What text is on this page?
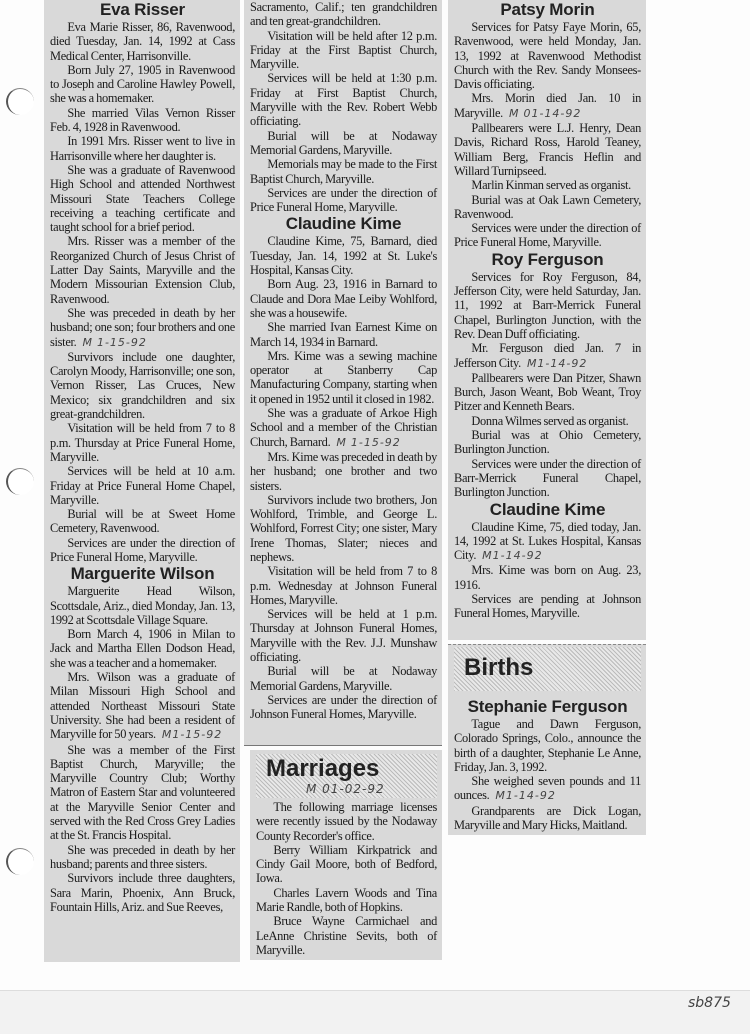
Eva Risser

Eva Marie Risser, 86, Ravenwood, died Tuesday, Jan. 14, 1992 at Cass Medical Center, Harrisonville.

Born July 27, 1905 in Ravenwood to Joseph and Caroline Hawley Powell, she was a homemaker.

She married Vilas Vernon Risser Feb. 4, 1928 in Ravenwood.

In 1991 Mrs. Risser went to live in Harrisonville where her daughter is.

She was a graduate of Ravenwood High School and attended Northwest Missouri State Teachers College receiving a teaching certificate and taught school for a brief period.

Mrs. Risser was a member of the Reorganized Church of Jesus Christ of Latter Day Saints, Maryville and the Modern Missourian Extension Club, Ravenwood.

She was preceded in death by her husband; one son; four brothers and one sister. M 1-15-92

Survivors include one daughter, Carolyn Moody, Harrisonville; one son, Vernon Risser, Las Cruces, New Mexico; six grandchildren and six great-grandchildren.

Visitation will be held from 7 to 8 p.m. Thursday at Price Funeral Home, Maryville.

Services will be held at 10 a.m. Friday at Price Funeral Home Chapel, Maryville.

Burial will be at Sweet Home Cemetery, Ravenwood.

Services are under the direction of Price Funeral Home, Maryville.

Marguerite Wilson

Marguerite Head Wilson, Scottsdale, Ariz., died Monday, Jan. 13, 1992 at Scottsdale Village Square.

Born March 4, 1906 in Milan to Jack and Martha Ellen Dodson Head, she was a teacher and a homemaker.

Mrs. Wilson was a graduate of Milan Missouri High School and attended Northeast Missouri State University. She had been a resident of Maryville for 50 years. M1-15-92

She was a member of the First Baptist Church, Maryville; the Maryville Country Club; Worthy Matron of Eastern Star and volunteered at the Maryville Senior Center and served with the Red Cross Grey Ladies at the St. Francis Hospital.

She was preceded in death by her husband; parents and three sisters.

Survivors include three daughters, Sara Marin, Phoenix, Ann Bruck, Fountain Hills, Ariz. and Sue Reeves,

Sacramento, Calif.; ten grandchildren and ten great-grandchildren.

Visitation will be held after 12 p.m. Friday at the First Baptist Church, Maryville.

Services will be held at 1:30 p.m. Friday at First Baptist Church, Maryville with the Rev. Robert Webb officiating.

Burial will be at Nodaway Memorial Gardens, Maryville.

Memorials may be made to the First Baptist Church, Maryville.

Services are under the direction of Price Funeral Home, Maryville.

Claudine Kime

Claudine Kime, 75, Barnard, died Tuesday, Jan. 14, 1992 at St. Luke's Hospital, Kansas City.

Born Aug. 23, 1916 in Barnard to Claude and Dora Mae Leiby Wohlford, she was a housewife.

She married Ivan Earnest Kime on March 14, 1934 in Barnard.

Mrs. Kime was a sewing machine operator at Stanberry Cap Manufacturing Company, starting when it opened in 1952 until it closed in 1982.

She was a graduate of Arkoe High School and a member of the Christian Church, Barnard. M 1-15-92

Mrs. Kime was preceded in death by her husband; one brother and two sisters.

Survivors include two brothers, Jon Wohlford, Trimble, and George L. Wohlford, Forrest City; one sister, Mary Irene Thomas, Slater; nieces and nephews.

Visitation will be held from 7 to 8 p.m. Wednesday at Johnson Funeral Homes, Maryville.

Services will be held at 1 p.m. Thursday at Johnson Funeral Homes, Maryville with the Rev. J.J. Munshaw officiating.

Burial will be at Nodaway Memorial Gardens, Maryville.

Services are under the direction of Johnson Funeral Homes, Maryville.

Marriages
M 01-02-92

The following marriage licenses were recently issued by the Nodaway County Recorder's office.

Berry William Kirkpatrick and Cindy Gail Moore, both of Bedford, Iowa.

Charles Lavern Woods and Tina Marie Randle, both of Hopkins.

Bruce Wayne Carmichael and LeAnne Christine Sevits, both of Maryville.

Patsy Morin

Services for Patsy Faye Morin, 65, Ravenwood, were held Monday, Jan. 13, 1992 at Ravenwood Methodist Church with the Rev. Sandy Monsees-Davis officiating.

Mrs. Morin died Jan. 10 in Maryville. M 01-14-92

Pallbearers were L.J. Henry, Dean Davis, Richard Ross, Harold Teaney, William Berg, Francis Heflin and Willard Turnipseed.

Marlin Kinman served as organist.

Burial was at Oak Lawn Cemetery, Ravenwood.

Services were under the direction of Price Funeral Home, Maryville.

Roy Ferguson

Services for Roy Ferguson, 84, Jefferson City, were held Saturday, Jan. 11, 1992 at Barr-Merrick Funeral Chapel, Burlington Junction, with the Rev. Dean Duff officiating.

Mr. Ferguson died Jan. 7 in Jefferson City. M1-14-92

Pallbearers were Dan Pitzer, Shawn Burch, Jason Weant, Bob Weant, Troy Pitzer and Kenneth Bears.

Donna Wilmes served as organist.

Burial was at Ohio Cemetery, Burlington Junction.

Services were under the direction of Barr-Merrick Funeral Chapel, Burlington Junction.

Claudine Kime

Claudine Kime, 75, died today, Jan. 14, 1992 at St. Lukes Hospital, Kansas City. M1-14-92

Mrs. Kime was born on Aug. 23, 1916.

Services are pending at Johnson Funeral Homes, Maryville.

Births
Stephanie Ferguson

Tague and Dawn Ferguson, Colorado Springs, Colo., announce the birth of a daughter, Stephanie Le Anne, Friday, Jan. 3, 1992.

She weighed seven pounds and 11 ounces. M1-14-92

Grandparents are Dick Logan, Maryville and Mary Hicks, Maitland.

sb875
